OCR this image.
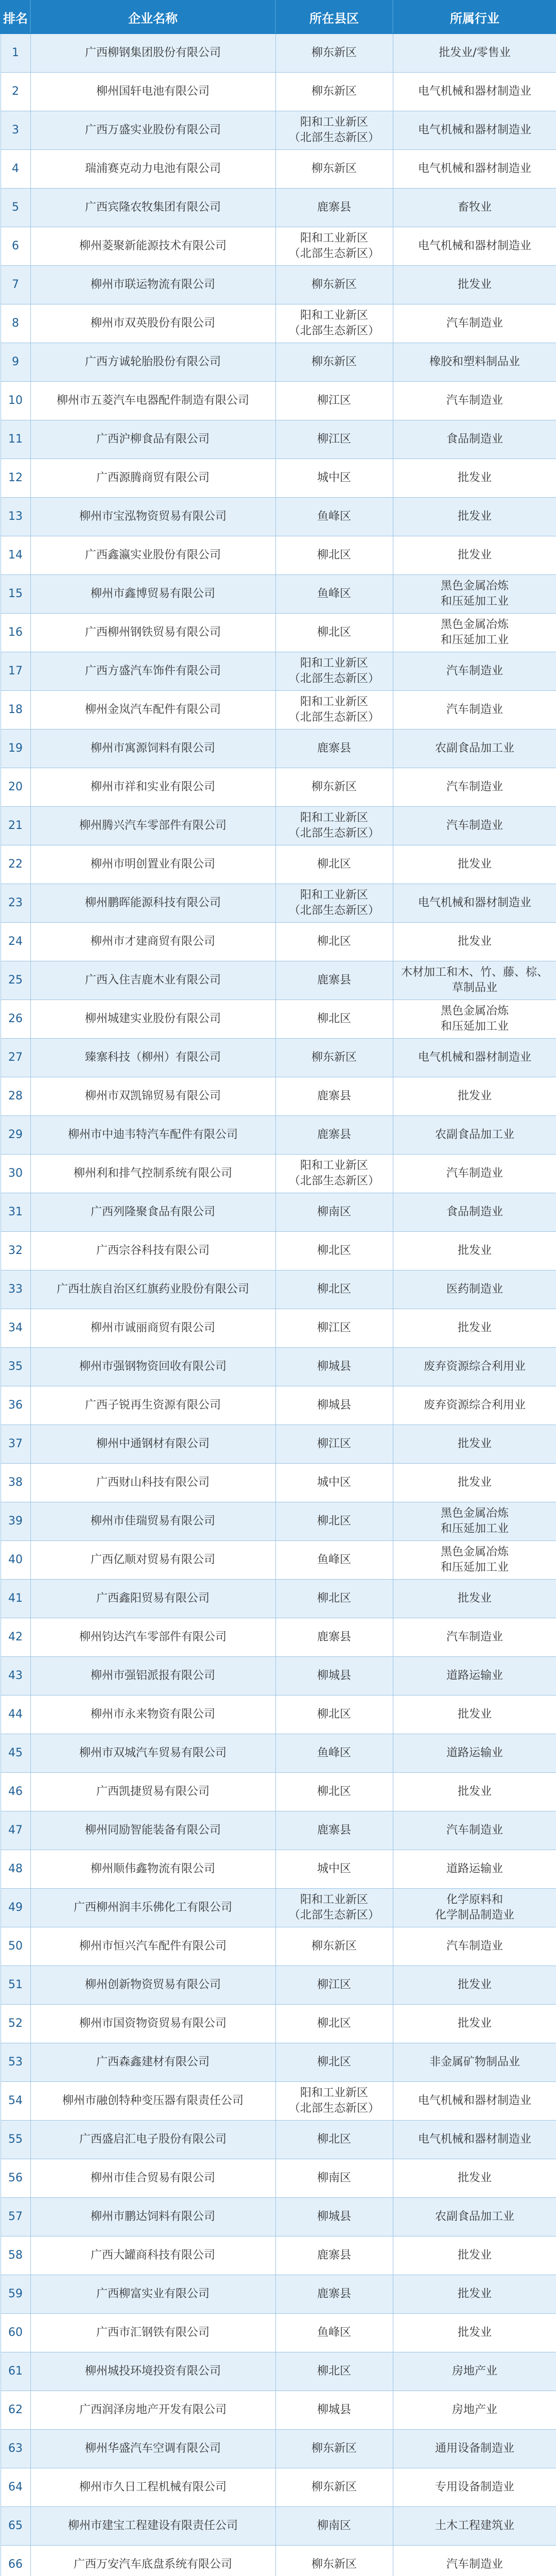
排名	企业名称	所在县区	所属行业
1	广西柳钢集团股份有限公司	柳东新区	批发业/零售业
2	柳州国轩电池有限公司	柳东新区	电气机械和器材制造业
3	广西万盛实业股份有限公司	阳和工业新区
（北部生态新区）	电气机械和器材制造业
4	瑞浦赛克动力电池有限公司	柳东新区	电气机械和器材制造业
5	广西宾隆农牧集团有限公司	鹿寨县	畜牧业
6	柳州菱聚新能源技术有限公司	阳和工业新区
（北部生态新区）	电气机械和器材制造业
7	柳州市联运物流有限公司	柳东新区	批发业
8	柳州市双英股份有限公司	阳和工业新区
（北部生态新区）	汽车制造业
9	广西方诚轮胎股份有限公司	柳东新区	橡胶和塑料制品业
10	柳州市五菱汽车电器配件制造有限公司	柳江区	汽车制造业
11	广西沪柳食品有限公司	柳江区	食品制造业
12	广西源腾商贸有限公司	城中区	批发业
13	柳州市宝泓物资贸易有限公司	鱼峰区	批发业
14	广西鑫瀛实业股份有限公司	柳北区	批发业
15	柳州市鑫博贸易有限公司	鱼峰区	黑色金属冶炼
和压延加工业
16	广西柳州钢铁贸易有限公司	柳北区	黑色金属冶炼
和压延加工业
17	广西方盛汽车饰件有限公司	阳和工业新区
（北部生态新区）	汽车制造业
18	柳州金岚汽车配件有限公司	阳和工业新区
（北部生态新区）	汽车制造业
19	柳州市寓源饲料有限公司	鹿寨县	农副食品加工业
20	柳州市祥和实业有限公司	柳东新区	汽车制造业
21	柳州腾兴汽车零部件有限公司	阳和工业新区
（北部生态新区）	汽车制造业
22	柳州市明创置业有限公司	柳北区	批发业
23	柳州鹏晖能源科技有限公司	阳和工业新区
（北部生态新区）	电气机械和器材制造业
24	柳州市才建商贸有限公司	柳北区	批发业
25	广西入住吉鹿木业有限公司	鹿寨县	木材加工和木、竹、藤、棕、草制品业
26	柳州城建实业股份有限公司	柳北区	黑色金属冶炼
和压延加工业
27	臻寨科技（柳州）有限公司	柳东新区	电气机械和器材制造业
28	柳州市双凯锦贸易有限公司	鹿寨县	批发业
29	柳州市中迪韦特汽车配件有限公司	鹿寨县	农副食品加工业
30	柳州利和排气控制系统有限公司	阳和工业新区
（北部生态新区）	汽车制造业
31	广西列隆聚食品有限公司	柳南区	食品制造业
32	广西宗谷科技有限公司	柳北区	批发业
33	广西壮族自治区红旗药业股份有限公司	柳北区	医药制造业
34	柳州市诚丽商贸有限公司	柳江区	批发业
35	柳州市强钢物资回收有限公司	柳城县	废弃资源综合利用业
36	广西子锐再生资源有限公司	柳城县	废弃资源综合利用业
37	柳州中通钢材有限公司	柳江区	批发业
38	广西财山科技有限公司	城中区	批发业
39	柳州市佳瑞贸易有限公司	柳北区	黑色金属冶炼
和压延加工业
40	广西亿顺对贸易有限公司	鱼峰区	黑色金属冶炼
和压延加工业
41	广西鑫阳贸易有限公司	柳北区	批发业
42	柳州钧达汽车零部件有限公司	鹿寨县	汽车制造业
43	柳州市强铝派报有限公司	柳城县	道路运输业
44	柳州市永来物资有限公司	柳北区	批发业
45	柳州市双城汽车贸易有限公司	鱼峰区	道路运输业
46	广西凯捷贸易有限公司	柳北区	批发业
47	柳州同励智能装备有限公司	鹿寨县	汽车制造业
48	柳州顺伟鑫物流有限公司	城中区	道路运输业
49	广西柳州润丰乐佛化工有限公司	阳和工业新区
（北部生态新区）	化学原料和
化学制品制造业
50	柳州市恒兴汽车配件有限公司	柳东新区	汽车制造业
51	柳州创新物资贸易有限公司	柳江区	批发业
52	柳州市国资物资贸易有限公司	柳北区	批发业
53	广西森鑫建材有限公司	柳北区	非金属矿物制品业
54	柳州市融创特种变压器有限责任公司	阳和工业新区
（北部生态新区）	电气机械和器材制造业
55	广西盛启汇电子股份有限公司	柳北区	电气机械和器材制造业
56	柳州市佳合贸易有限公司	柳南区	批发业
57	柳州市鹏达饲料有限公司	柳城县	农副食品加工业
58	广西大罐商科技有限公司	鹿寨县	批发业
59	广西柳富实业有限公司	鹿寨县	批发业
60	广西市汇钢铁有限公司	鱼峰区	批发业
61	柳州城投环境投资有限公司	柳北区	房地产业
62	广西润泽房地产开发有限公司	柳城县	房地产业
63	柳州华盛汽车空调有限公司	柳东新区	通用设备制造业
64	柳州市久日工程机械有限公司	柳东新区	专用设备制造业
65	柳州市建宝工程建设有限责任公司	柳南区	土木工程建筑业
66	广西万安汽车底盘系统有限公司	柳东新区	汽车制造业
